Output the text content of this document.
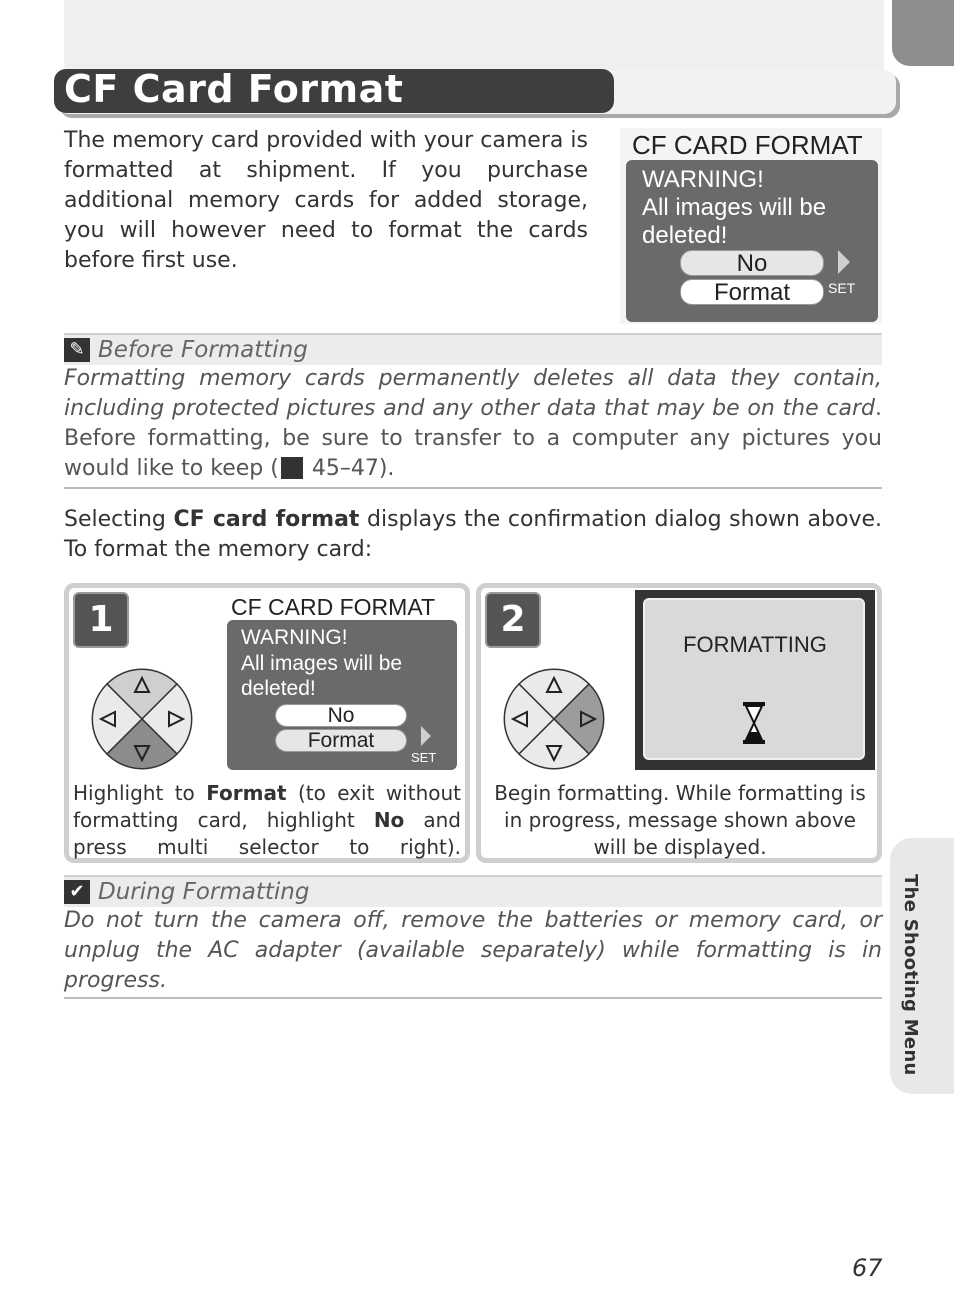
CF Card Format
The memory card provided with your camera is formatted at shipment. If you purchase additional memory cards for added storage, you will however need to format the cards before first use.
CF CARD FORMAT
WARNING!
All images will be
deleted!
No
Format	SET
✎ Before Formatting
Formatting memory cards permanently deletes all data they contain, including protected pictures and any other data that may be on the card. Before formatting, be sure to transfer to a computer any pictures you would like to keep ( 45–47).
Selecting CF card format displays the confirmation dialog shown above. To format the memory card:
1	CF CARD FORMAT
WARNING!
All images will be
deleted!
No
Format
SET
Highlight to Format (to exit without formatting card, highlight No and press multi selector to right).
2
FORMATTING
Begin formatting. While formatting is in progress, message shown above will be displayed.
✔ During Formatting
Do not turn the camera off, remove the batteries or memory card, or unplug the AC adapter (available separately) while formatting is in progress.	The Shooting Menu
67
